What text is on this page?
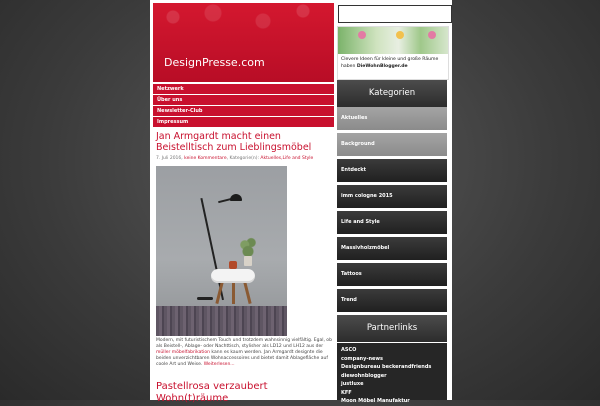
DesignPresse.com
Netzwerk
Über uns
Newsletter-Club
Impressum
Jan Armgardt macht einen Beistelltisch zum Lieblingsmöbel
7. Juli 2016, keine Kommentare, Kategorie(n): Aktuelles,Life and Style
Modern, mit futuristischem Touch und trotzdem wahnsinnig vielfältig. Egal, ob als Beistell-, Ablage- oder Nachttisch, stylisher als LD12 und LH12 aus der müller möbelfabrikation kann es kaum werden. Jan Armgardt designte die beiden unverzichtbaren Wohnaccessoires und bietet damit Ablagefläche auf coole Art und Weise. Weiterlesen...
Pastellrosa verzaubert Wohn(t)räume
Clevere Ideen für kleine und große Räume haben DieWohnBlogger.de
Kategorien
Aktuelles
Background
Entdeckt
imm cologne 2015
Life and Style
Massivholzmöbel
Tattoos
Trend
Partnerlinks
ASCO
company-news
Designbureau beckerandfriends
diewohnblogger
justluxe
KFF
Moon Möbel Manufaktur
